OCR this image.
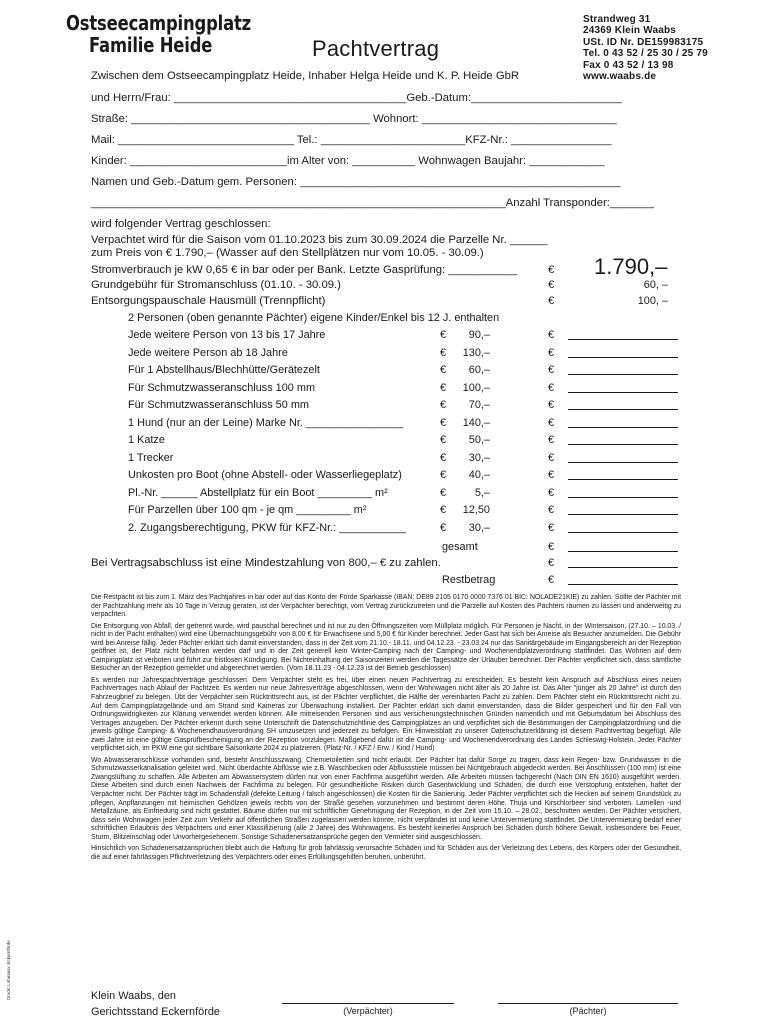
Ostseecampingplatz
Familie Heide	Pachtvertrag
Strandweg 31
24369 Klein Waabs
USt. ID Nr. DE159983175
Tel. 0 43 52 / 25 30 / 25 79
Fax 0 43 52 / 13 98
www.waabs.de
Zwischen dem Ostseecampingplatz Heide, Inhaber Helga Heide und K. P. Heide GbR
und Herrn/Frau: _____________________________________Geb.-Datum:________________________
Straße: ______________________________________ Wohnort: _______________________________
Mail: ____________________________ Tel.: _______________________KFZ-Nr.: ________________
Kinder: _________________________im Alter von: __________ Wohnwagen Baujahr: ____________
Namen und Geb.-Datum gem. Personen: ___________________________________________________
__________________________________________________________________Anzahl Transponder:_______
wird folgender Vertrag geschlossen:
Verpachtet wird für die Saison vom 01.10.2023 bis zum 30.09.2024 die Parzelle Nr. ______
zum Preis von € 1.790,– (Wasser auf den Stellplätzen nur vom 10.05. - 30.09.)
Stromverbrauch je kW 0,65 € in bar oder per Bank. Letzte Gasprüfung: ___________	€ 1.790,–
Grundgebühr für Stromanschluss (01.10. - 30.09.)	€	60, –
Entsorgungspauschale Hausmüll (Trennpflicht)	€	100, –
2 Personen (oben genannte Pächter) eigene Kinder/Enkel bis 12 J. enthalten
Jede weitere Person von 13 bis 17 Jahre	€	90,–	€
Jede weitere Person ab 18 Jahre	€	130,–	€
Für 1 Abstellhaus/Blechhütte/Gerätezelt	€	60,–	€
Für Schmutzwasseranschluss 100 mm	€	100,–	€
Für Schmutzwasseranschluss 50 mm	€	70,–	€
1 Hund (nur an der Leine) Marke Nr. ________________	€	140,–	€
1 Katze	€	50,–	€
1 Trecker	€	30,–	€
Unkosten pro Boot (ohne Abstell- oder Wasserliegeplatz)	€	40,–	€
Pl.-Nr. ______ Abstellplatz für ein Boot _________ m²	€	5,–	€
Für Parzellen über 100 qm - je qm _________ m²	€	12,50	€
2. Zugangsberechtigung, PKW für KFZ-Nr.: ___________	€	30,–	€
gesamt	€
Bei Vertragsabschluss ist eine Mindestzahlung von 800,– € zu zahlen.	€
Restbetrag	€

Die Restpacht ist bis zum 1. März des Pachtjahres in bar oder auf das Konto der Förde Sparkasse (IBAN: DE89 2105 0170 0000 7376 01 BIC: NOLADE21KIE) zu zahlen. Sollte der Pächter mit der Pachtzahlung mehr als 10 Tage in Verzug geraten, ist der Verpächter berechtigt, vom Vertrag zurückzutreten und die Parzelle auf Kosten des Pächters räumen zu lassen und anderweitig zu verpachten.

Die Entsorgung von Abfall, der getrennt wurde, wird pauschal berechnet und ist nur zu den Öffnungszeiten vom Müllplatz möglich. Für Personen je Nacht, in der Wintersaison, (27.10. – 10.03. / nicht in der Pacht enthalten) wird eine Übernachtungsgebühr von 8,00 € für Erwachsene und 5,00 € für Kinder berechnet. Jeder Gast hat sich bei Anreise als Besucher anzumelden. Die Gebühr wird bei Anreise fällig. Jeder Pächter erklärt sich damit einverstanden, dass in der Zeit vom 21.10.- 18.11. und 04.12.23. - 23.03.24 nur das Sanitärgebäude im Eingangsbereich an der Rezeption geöffnet ist, der Platz nicht befahren werden darf und in der Zeit generell kein Winter-Camping nach der Camping- und Wochenendplatzverordnung stattfindet. Das Wohnen auf dem Campingplatz ist verboten und führt zur fristlosen Kündigung. Bei Nichteinhaltung der Saisonzeiten werden die Tagessätze der Urlauber berechnet. Der Pächter verpflichtet sich, dass sämtliche Besucher an der Rezeption gemeldet und abgerechnet werden. (Vom 18.11.23 - 04.12.23 ist der Betrieb geschlossen)

Es werden nur Jahrespachtverträge geschlossen. Dem Verpächter steht es frei, über einen neuen Pachtvertrag zu entscheiden. Es besteht kein Anspruch auf Abschluss eines neuen Pachtvertrages nach Ablauf der Pachtzeit. Es werden nur neue Jahresverträge abgeschlossen, wenn der Wohnwagen nicht älter als 20 Jahre ist. Das Alter "jünger als 20 Jahre" ist durch den Fahrzeugbrief zu belegen. Übt der Verpächter sein Rücktrittsrecht aus, ist der Pächter verpflichtet, die Hälfte der vereinbarten Pacht zu zahlen. Dem Pächter steht ein Rücktrittsrecht nicht zu. Auf dem Campingplatzgelände und am Strand sind Kameras zur Überwachung installiert. Der Pächter erklärt sich damit einverstanden, dass die Bilder gespeichert und für den Fall von Ordnungswidrigkeiten zur Klärung verwendet werden können. Alle mitreisenden Personen sind aus versicherungstechnischen Gründen namentlich und mit Geburtsdatum bei Abschluss des Vertrages anzugeben. Der Pächter erkennt durch seine Unterschrift die Datenschutzrichtlinie des Campingplatzes an und verpflichtet sich die Bestimmungen der Campingplatzordnung und die jeweils gültige Camping- & Wochenendhausverordnung SH umzusetzen und jederzeit zu befolgen. Ein Hinweisblatt zu unserer Datenschutzerklärung ist diesem Pachtvertrag beigefügt. Alle zwei Jahre ist eine gültige Gasprüfbescheinigung an der Rezeption vorzulegen. Maßgebend dafür ist die Camping- und Wochenendverordnung des Landes Schleswig-Holstein. Jeder Pächter verpflichtet sich, im PKW eine gut sichtbare Saisonkarte 2024 zu platzieren. (Platz-Nr. / KFZ / Erw. / Kind / Hund)

Wo Abwasseranschlüsse vorhanden sind, besteht Anschlusszwang. Chemietoiletten sind nicht erlaubt. Der Pächter hat dafür Sorge zu tragen, dass kein Regen- bzw. Grundwasser in die Schmutzwasserkanalisation geleitet wird. Nicht überdachte Abflüsse wie z.B. Waschbecken oder Abflussstiele müssen bei Nichtgebrauch abgedeckt werden. Bei Anschlüssen (100 mm) ist eine Zwangslüftung zu schaffen. Alle Arbeiten am Abwassersystem dürfen nur von einer Fachfirma ausgeführt werden. Alle Arbeiten müssen fachgerecht (Nach DIN EN 1610) ausgeführt werden. Diese Arbeiten sind durch einen Nachweis der Fachfirma zu belegen. Für gesundheitliche Risiken durch Gasentwicklung und Schäden, die durch eine Verstopfung entstehen, haftet der Verpächter nicht. Der Pächter trägt im Schadensfall (defekte Leitung / falsch angeschlossen) die Kosten für die Sanierung. Jeder Pächter verpflichtet sich die Hecken auf seinem Grundstück zu pflegen, Anpflanzungen mit heimischen Gehölzen jeweils rechts von der Straße gesehen vorzunehmen und bestimmt deren Höhe. Thuja und Kirschlorbeer sind verboten. Lamellen -und Metallzäune, als Einfriedung sind nicht gestattet. Bäume dürfen nur mit schriftlicher Genehmigung der Rezeption, in der Zeit vom 15.10. – 28.02., beschnitten werden. Der Pächter versichert, dass sein Wohnwagen jeder Zeit zum Verkehr auf öffentlichen Straßen zugelassen werden könnte, nicht verpfändet ist und keine Untervermietung stattfindet. Die Untervermietung bedarf einer schriftlichen Erlaubnis des Verpächters und einer Klassifizierung (alle 2 Jahre) des Wohnwagens. Es besteht keinerlei Anspruch bei Schäden durch höhere Gewalt, insbesondere bei Feuer, Sturm, Blitzeinschlag oder Unvorhergesehenem. Sonstige Schadenersatzansprüche gegen den Vermieter sind ausgeschlossen.

Hinsichtlich von Schadenersatzansprüchen bleibt auch die Haftung für grob fahrlässig verursachte Schäden und für Schäden aus der Verletzung des Lebens, des Körpers oder der Gesundheit, die auf einer fahrlässigen Pflichtverletzung des Verpächters oder eines Erfüllungsgehilfen beruhen, unberührt.

Klein Waabs, den
Gerichtsstand Eckernförde	(Verpächter)	(Pächter)
Druck: Lohmann, Eckernförde
